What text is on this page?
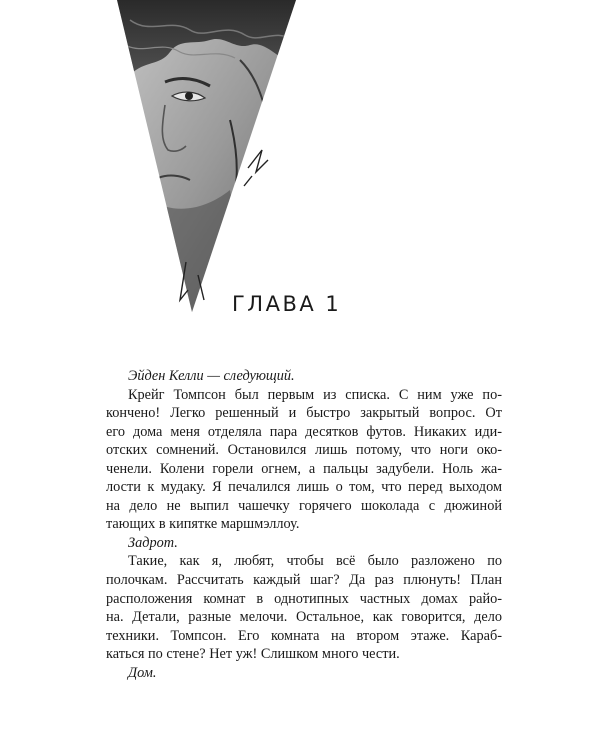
ГЛАВА 1
Эйден Келли — следующий.
Крейг Томпсон был первым из списка. С ним уже по-
кончено! Легко решенный и быстро закрытый вопрос. От
его дома меня отделяла пара десятков футов. Никаких иди-
отских сомнений. Остановился лишь потому, что ноги око-
ченели. Колени горели огнем, а пальцы задубели. Ноль жа-
лости к мудаку. Я печалился лишь о том, что перед выходом
на дело не выпил чашечку горячего шоколада с дюжиной
тающих в кипятке маршмэллоу.
Задрот.
Такие, как я, любят, чтобы всё было разложено по
полочкам. Рассчитать каждый шаг? Да раз плюнуть! План
расположения комнат в однотипных частных домах райо-
на. Детали, разные мелочи. Остальное, как говорится, дело
техники. Томпсон. Его комната на втором этаже. Караб-
каться по стене? Нет уж! Слишком много чести.
Дом.
